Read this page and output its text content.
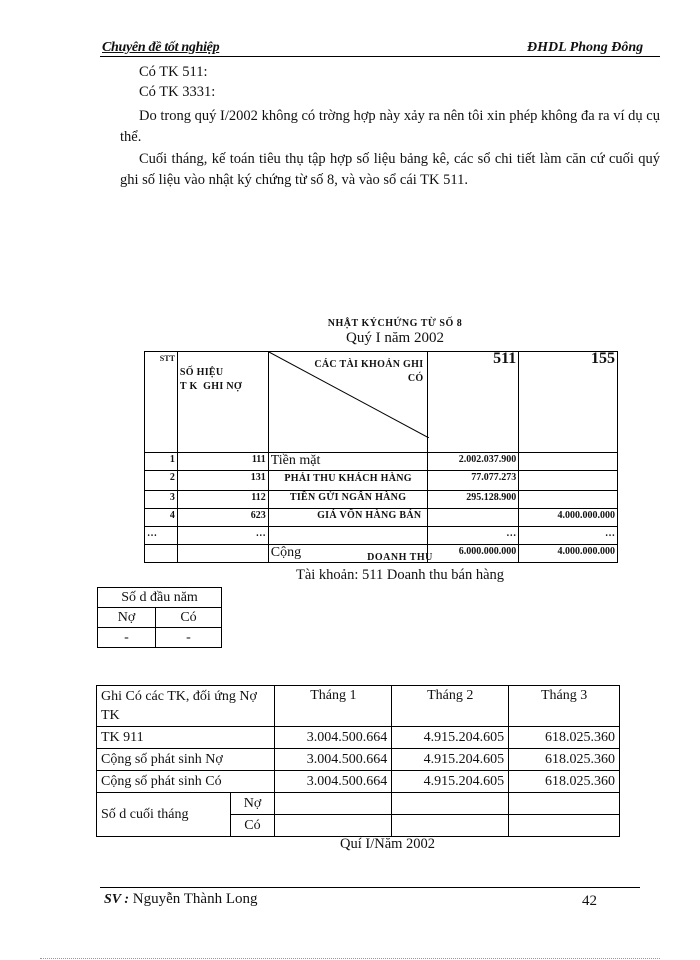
Chuyên đề tốt nghiệp	ĐHDL Phong Đông
Có TK 511:
Có TK 3331:
Do trong quý I/2002 không có trờng hợp này xảy ra nên tôi xin phép không đa ra ví dụ cụ thể.
Cuối tháng, kế toán tiêu thụ tập hợp số liệu bảng kê, các sổ chi tiết làm căn cứ cuối quý ghi số liệu vào nhật ký chứng từ số 8, và vào sổ cái TK 511.
NHẬT KÝCHỨNG TỪ SỐ 8
Quý I năm 2002
STT	SỐ HIỆU
T K  GHI NỢ	CÁC TÀI KHOẢN GHI
CÓ	511	155
1	111	Tiền mặt	2.002.037.900	
2	131	PHẢI THU KHÁCH HÀNG	77.077.273	
3	112	TIỀN GỬI NGÂN HÀNG	295.128.900	
4	623	GIÁ VỐN HÀNG BÁN		4.000.000.000
…	…		…	…
		Cộng	6.000.000.000	4.000.000.000
DOANH THU
Tài khoản: 511 Doanh thu bán hàng
Số d đầu năm	
Nợ	Có
-	-
Ghi Có các TK, đối ứng Nợ TK		Tháng 1	Tháng 2	Tháng 3
TK 911		3.004.500.664	4.915.204.605	618.025.360
Cộng số phát sinh Nợ		3.004.500.664	4.915.204.605	618.025.360
Cộng số phát sinh Có		3.004.500.664	4.915.204.605	618.025.360
Số d cuối tháng	Nợ			
	Có			
Quí I/Năm 2002
SV : Nguyễn Thành Long	42
